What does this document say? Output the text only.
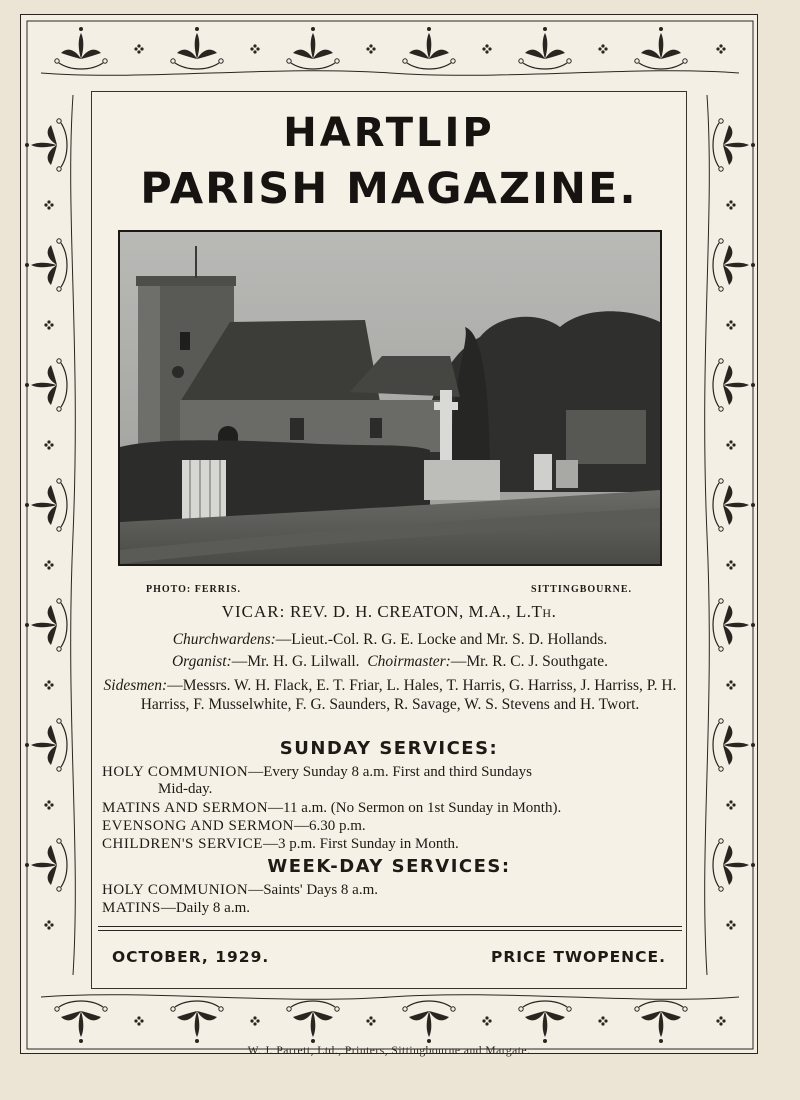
HARTLIP
PARISH MAGAZINE.
PHOTO: FERRIS.	SITTINGBOURNE.
VICAR: REV. D. H. CREATON, M.A., L.Th.
Churchwardens:—Lieut.-Col. R. G. E. Locke and Mr. S. D. Hollands.
Organist:—Mr. H. G. Lilwall. Choirmaster:—Mr. R. C. J. Southgate.
Sidesmen:—Messrs. W. H. Flack, E. T. Friar, L. Hales, T. Harris, G. Harriss, J. Harriss, P. H. Harriss, F. Musselwhite, F. G. Saunders, R. Savage, W. S. Stevens and H. Twort.
SUNDAY SERVICES:
HOLY COMMUNION—Every Sunday 8 a.m. First and third Sundays
Mid-day.
MATINS AND SERMON—11 a.m. (No Sermon on 1st Sunday in Month).
EVENSONG AND SERMON—6.30 p.m.
CHILDREN'S SERVICE—3 p.m. First Sunday in Month.
WEEK-DAY SERVICES:
HOLY COMMUNION—Saints' Days 8 a.m.
MATINS—Daily 8 a.m.
OCTOBER, 1929.	PRICE TWOPENCE.
W. J. Parrett, Ltd., Printers, Sittingbourne and Margate.
